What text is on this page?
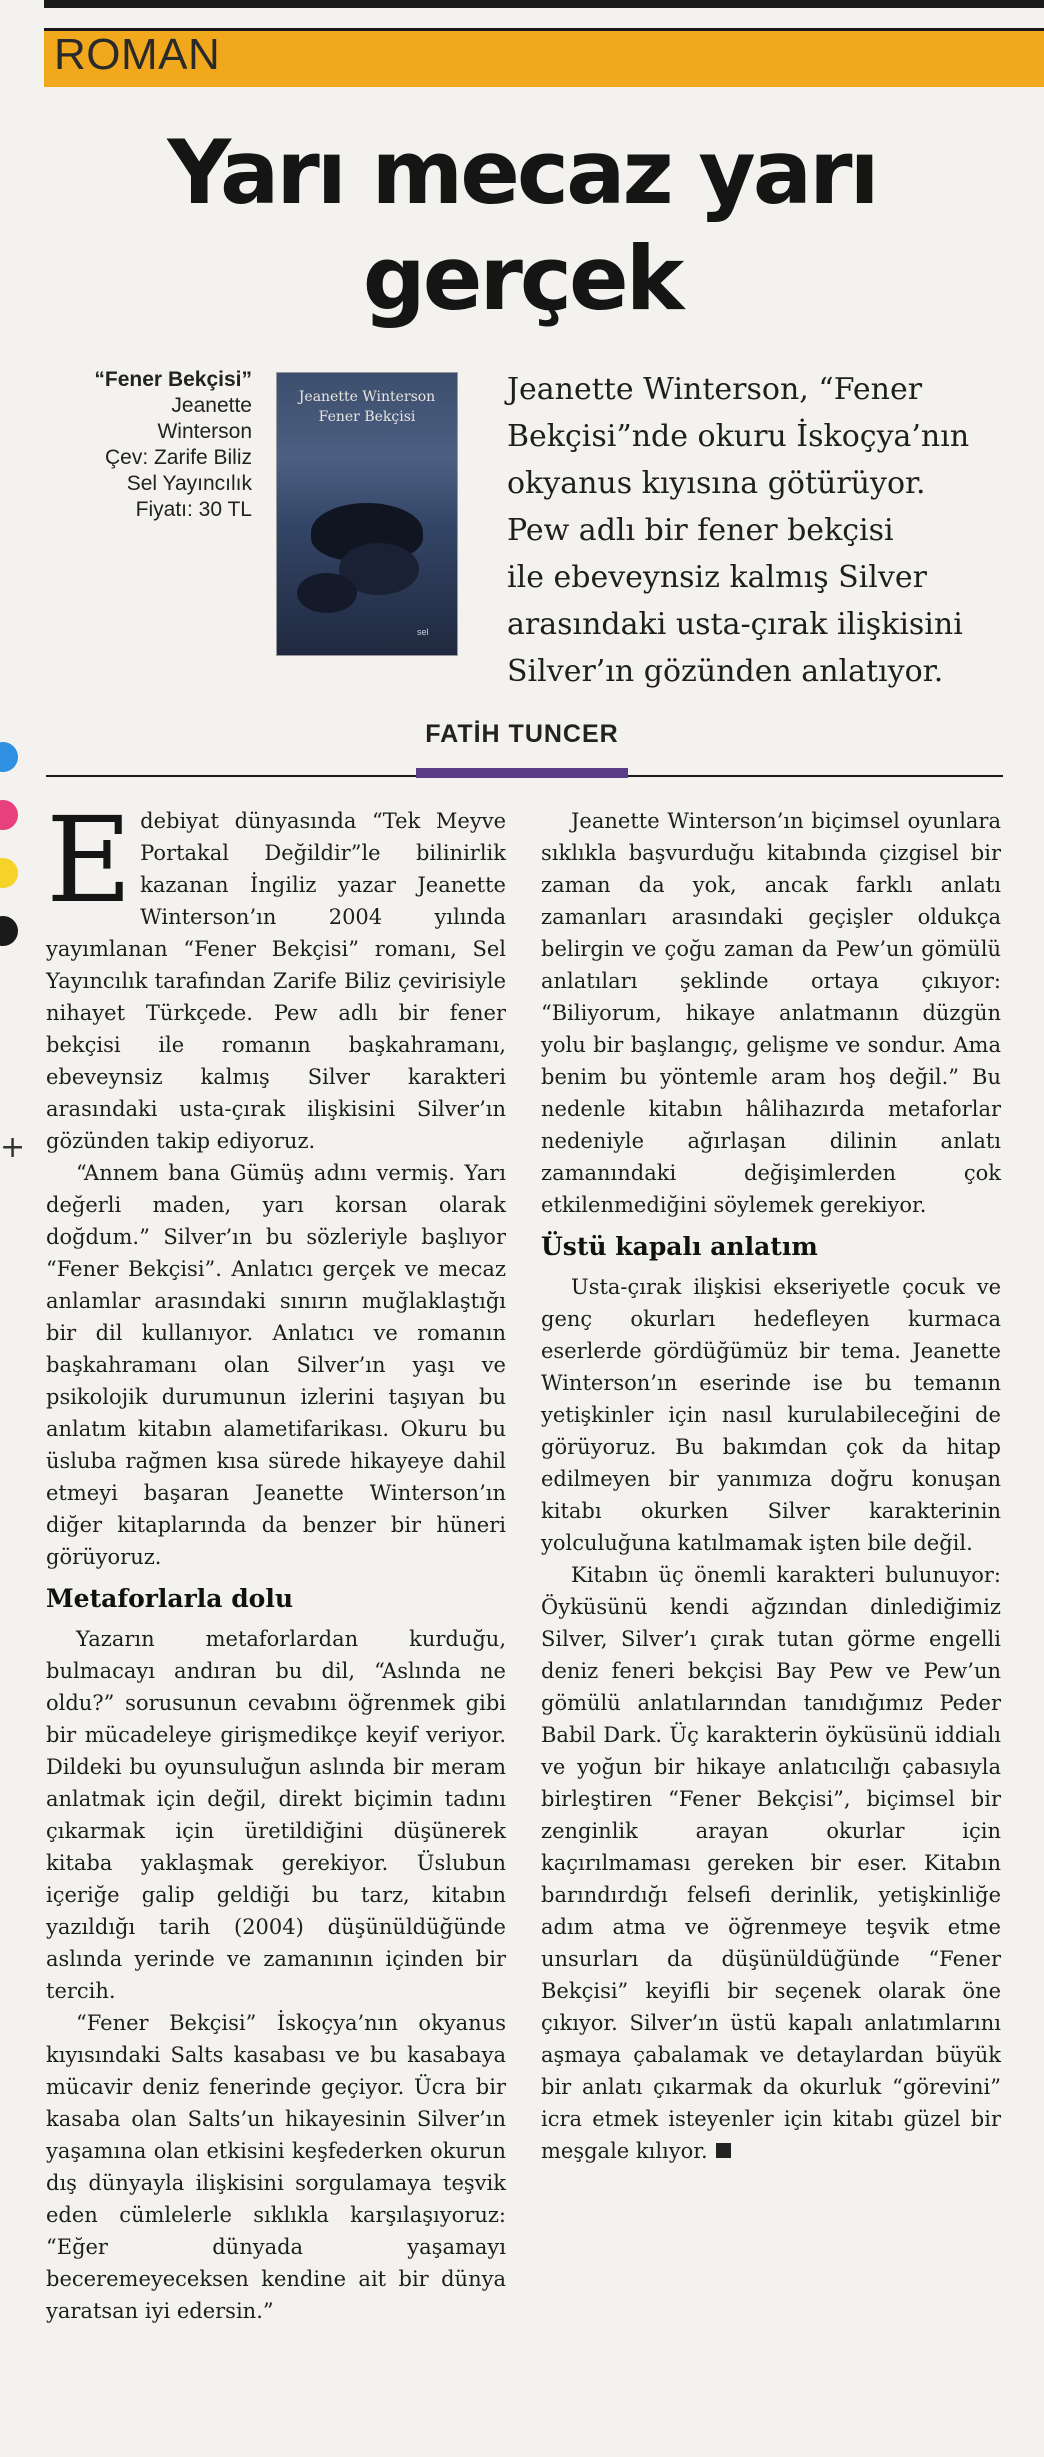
ROMAN
Yarı mecaz yarı
gerçek
“Fener Bekçisi”
Jeanette
Winterson
Çev: Zarife Biliz
Sel Yayıncılık
Fiyatı: 30 TL
Jeanette Winterson
Fener Bekçisi
sel
Jeanette Winterson, “Fener
Bekçisi”nde okuru İskoçya’nın
okyanus kıyısına götürüyor.
Pew adlı bir fener bekçisi
ile ebeveynsiz kalmış Silver
arasındaki usta-çırak ilişkisini
Silver’ın gözünden anlatıyor.
FATİH TUNCER
+

Edebiyat dünyasında “Tek Meyve Portakal Değildir”le bilinirlik kazanan İngiliz yazar Jeanette Winterson’ın 2004 yılında yayımlanan “Fener Bekçisi” romanı, Sel Yayıncılık tarafından Zarife Biliz çevirisiyle nihayet Türkçede. Pew adlı bir fener bekçisi ile romanın başkahramanı, ebeveynsiz kalmış Silver karakteri arasındaki usta-çırak ilişkisini Silver’ın gözünden takip ediyoruz.

“Annem bana Gümüş adını vermiş. Yarı değerli maden, yarı korsan olarak doğdum.” Silver’ın bu sözleriyle başlıyor “Fener Bekçisi”. Anlatıcı gerçek ve mecaz anlamlar arasındaki sınırın muğlaklaştığı bir dil kullanıyor. Anlatıcı ve romanın başkahramanı olan Silver’ın yaşı ve psikolojik durumunun izlerini taşıyan bu anlatım kitabın alametifarikası. Okuru bu üsluba rağmen kısa sürede hikayeye dahil etmeyi başaran Jeanette Winterson’ın diğer kitaplarında da benzer bir hüneri görüyoruz.

Metaforlarla dolu

Yazarın metaforlardan kurduğu, bulmacayı andıran bu dil, “Aslında ne oldu?” sorusunun cevabını öğrenmek gibi bir mücadeleye girişmedikçe keyif veriyor. Dildeki bu oyunsuluğun aslında bir meram anlatmak için değil, direkt biçimin tadını çıkarmak için üretildiğini düşünerek kitaba yaklaşmak gerekiyor. Üslubun içeriğe galip geldiği bu tarz, kitabın yazıldığı tarih (2004) düşünüldüğünde aslında yerinde ve zamanının içinden bir tercih.

“Fener Bekçisi” İskoçya’nın okyanus kıyısındaki Salts kasabası ve bu kasabaya mücavir deniz fenerinde geçiyor. Ücra bir kasaba olan Salts’un hikayesinin Silver’ın yaşamına olan etkisini keşfederken okurun dış dünyayla ilişkisini sorgulamaya teşvik eden cümlelerle sıklıkla karşılaşıyoruz: “Eğer dünyada yaşamayı beceremeyeceksen kendine ait bir dünya yaratsan iyi edersin.”

Jeanette Winterson’ın biçimsel oyunlara sıklıkla başvurduğu kitabında çizgisel bir zaman da yok, ancak farklı anlatı zamanları arasındaki geçişler oldukça belirgin ve çoğu zaman da Pew’un gömülü anlatıları şeklinde ortaya çıkıyor: “Biliyorum, hikaye anlatmanın düzgün yolu bir başlangıç, gelişme ve sondur. Ama benim bu yöntemle aram hoş değil.” Bu nedenle kitabın hâlihazırda metaforlar nedeniyle ağırlaşan dilinin anlatı zamanındaki değişimlerden çok etkilenmediğini söylemek gerekiyor.

Üstü kapalı anlatım

Usta-çırak ilişkisi ekseriyetle çocuk ve genç okurları hedefleyen kurmaca eserlerde gördüğümüz bir tema. Jeanette Winterson’ın eserinde ise bu temanın yetişkinler için nasıl kurulabileceğini de görüyoruz. Bu bakımdan çok da hitap edilmeyen bir yanımıza doğru konuşan kitabı okurken Silver karakterinin yolculuğuna katılmamak işten bile değil.

Kitabın üç önemli karakteri bulunuyor: Öyküsünü kendi ağzından dinlediğimiz Silver, Silver’ı çırak tutan görme engelli deniz feneri bekçisi Bay Pew ve Pew’un gömülü anlatılarından tanıdığımız Peder Babil Dark. Üç karakterin öyküsünü iddialı ve yoğun bir hikaye anlatıcılığı çabasıyla birleştiren “Fener Bekçisi”, biçimsel bir zenginlik arayan okurlar için kaçırılmaması gereken bir eser. Kitabın barındırdığı felsefi derinlik, yetişkinliğe adım atma ve öğrenmeye teşvik etme unsurları da düşünüldüğünde “Fener Bekçisi” keyifli bir seçenek olarak öne çıkıyor. Silver’ın üstü kapalı anlatımlarını aşmaya çabalamak ve detaylardan büyük bir anlatı çıkarmak da okurluk “görevini” icra etmek isteyenler için kitabı güzel bir meşgale kılıyor.
